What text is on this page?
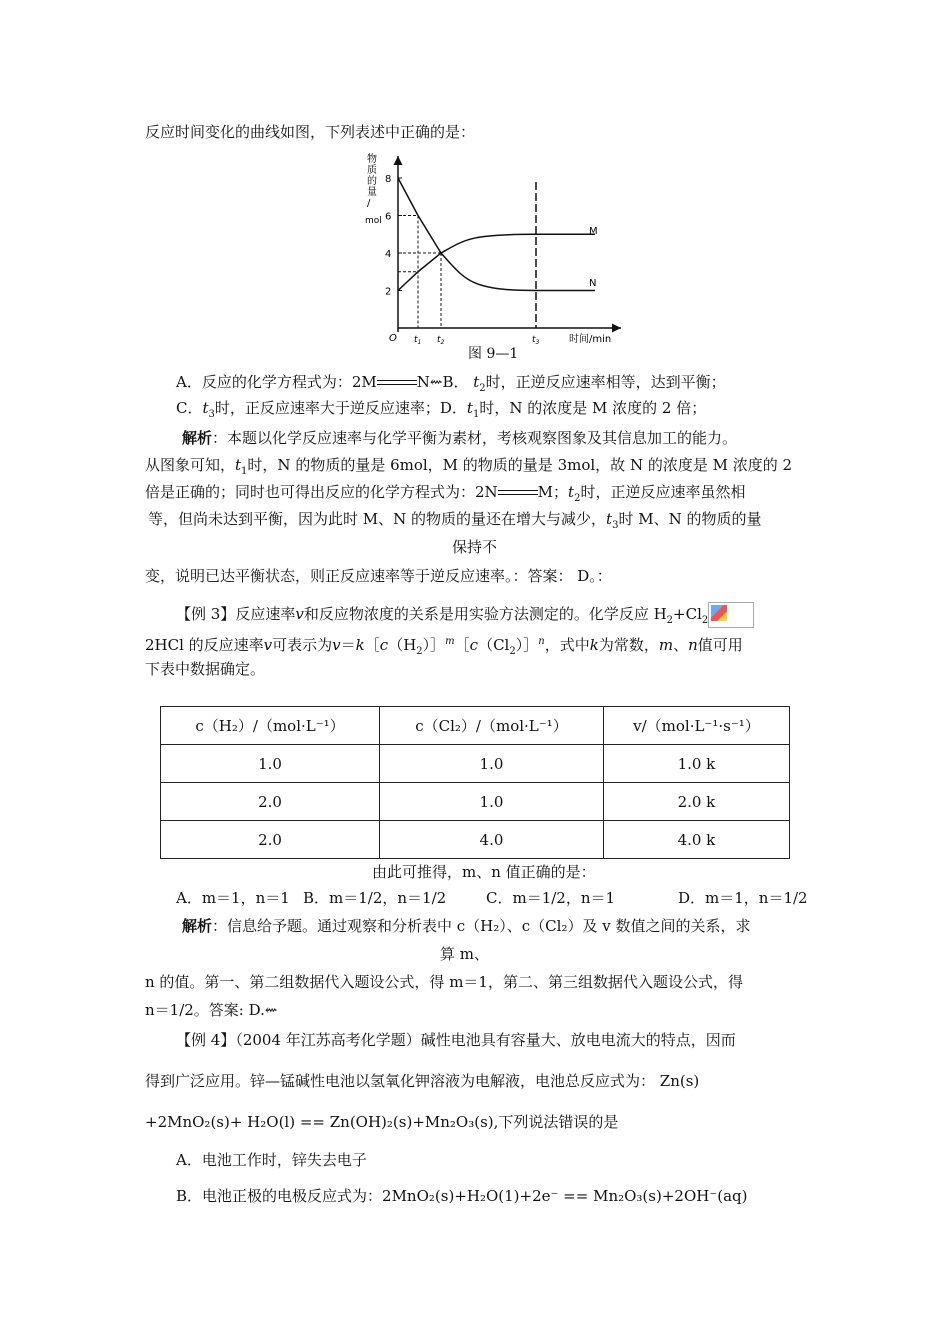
反应时间变化的曲线如图，下列表述中正确的是：
物
质
的
量
/
mol
O
8
6
4
2
$t_1$ $t_2$	$t_3$
M
N
时间/min
图 9—1
A．反应的化学方程式为：2M	N⇜B． $t_2$时，正逆反应速率相等，达到平衡；
C．$t_3$时，正反应速率大于逆反应速率；D．$t_1$时，N 的浓度是 M 浓度的 2 倍；
解析：本题以化学反应速率与化学平衡为素材，考核观察图象及其信息加工的能力。
从图象可知，$t_1$时，N 的物质的量是 6mol，M 的物质的量是 3mol，故 N 的浓度是 M 浓度的 2
倍是正确的；同时也可得出反应的化学方程式为：2N	M；$t_2$时，正逆反应速率虽然相
等，但尚未达到平衡，因为此时 M、N 的物质的量还在增大与减少，$t_3$时 M、N 的物质的量
保持不
变，说明已达平衡状态，则正反应速率等于逆反应速率。：答案： D。：
【例 3】反应速率v和反应物浓度的关系是用实验方法测定的。化学反应 $H_2+Cl_2$
2HCl 的反应速率v可表示为$v=k[c(H_2)]^m[c(Cl_2)]^n$，式中k为常数，m、n值可用
下表中数据确定。
c（H₂）/（mol·L⁻¹）	c（Cl₂）/（mol·L⁻¹）	v/（mol·L⁻¹·s⁻¹）
1.0	1.0	1.0 k
2.0	1.0	2.0 k
2.0	4.0	4.0 k
由此可推得，m、n 值正确的是：
A．m＝1，n＝1 B．m＝1/2，n＝1/2	C．m＝1/2，n＝1	D．m＝1，n＝1/2
解析：信息给予题。通过观察和分析表中 c（H₂）、c（Cl₂）及 v 数值之间的关系，求
算 m、
n 的值。第一、第二组数据代入题设公式，得 m＝1，第二、第三组数据代入题设公式，得
n＝1/2。答案: D.⇜
【例 4】（2004 年江苏高考化学题）碱性电池具有容量大、放电电流大的特点，因而
得到广泛应用。锌—锰碱性电池以氢氧化钾溶液为电解液，电池总反应式为： Zn(s)
+2MnO₂(s)+ H₂O(l) == Zn(OH)₂(s)+Mn₂O₃(s),下列说法错误的是
A．电池工作时，锌失去电子
B．电池正极的电极反应式为：2MnO₂(s)+H₂O(1)+2e⁻ == Mn₂O₃(s)+2OH⁻(aq)
